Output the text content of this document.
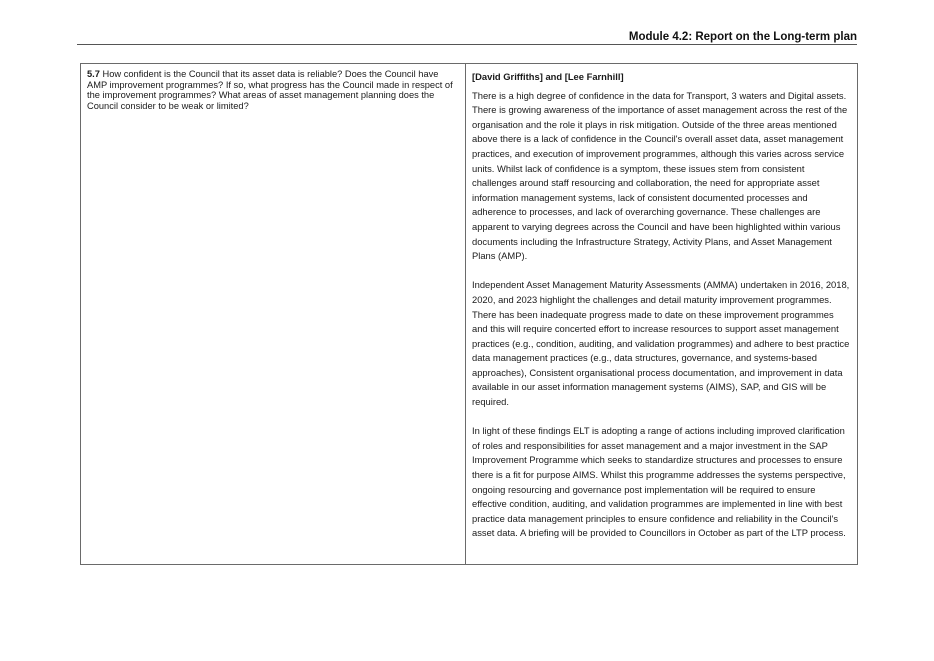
Module 4.2: Report on the Long-term plan
5.7 How confident is the Council that its asset data is reliable? Does the Council have AMP improvement programmes? If so, what progress has the Council made in respect of the improvement programmes? What areas of asset management planning does the Council consider to be weak or limited?
[David Griffiths] and [Lee Farnhill]

There is a high degree of confidence in the data for Transport, 3 waters and Digital assets. There is growing awareness of the importance of asset management across the rest of the organisation and the role it plays in risk mitigation. Outside of the three areas mentioned above there is a lack of confidence in the Council's overall asset data, asset management practices, and execution of improvement programmes, although this varies across service units. Whilst lack of confidence is a symptom, these issues stem from consistent challenges around staff resourcing and collaboration, the need for appropriate asset information management systems, lack of consistent documented processes and adherence to processes, and lack of overarching governance. These challenges are apparent to varying degrees across the Council and have been highlighted within various documents including the Infrastructure Strategy, Activity Plans, and Asset Management Plans (AMP).

Independent Asset Management Maturity Assessments (AMMA) undertaken in 2016, 2018, 2020, and 2023 highlight the challenges and detail maturity improvement programmes. There has been inadequate progress made to date on these improvement programmes and this will require concerted effort to increase resources to support asset management practices (e.g., condition, auditing, and validation programmes) and adhere to best practice data management practices (e.g., data structures, governance, and systems-based approaches), Consistent organisational process documentation, and improvement in data available in our asset information management systems (AIMS), SAP, and GIS will be required.

In light of these findings ELT is adopting a range of actions including improved clarification of roles and responsibilities for asset management and a major investment in the SAP Improvement Programme which seeks to standardize structures and processes to ensure there is a fit for purpose AIMS. Whilst this programme addresses the systems perspective, ongoing resourcing and governance post implementation will be required to ensure effective condition, auditing, and validation programmes are implemented in line with best practice data management principles to ensure confidence and reliability in the Council's asset data. A briefing will be provided to Councillors in October as part of the LTP process.
